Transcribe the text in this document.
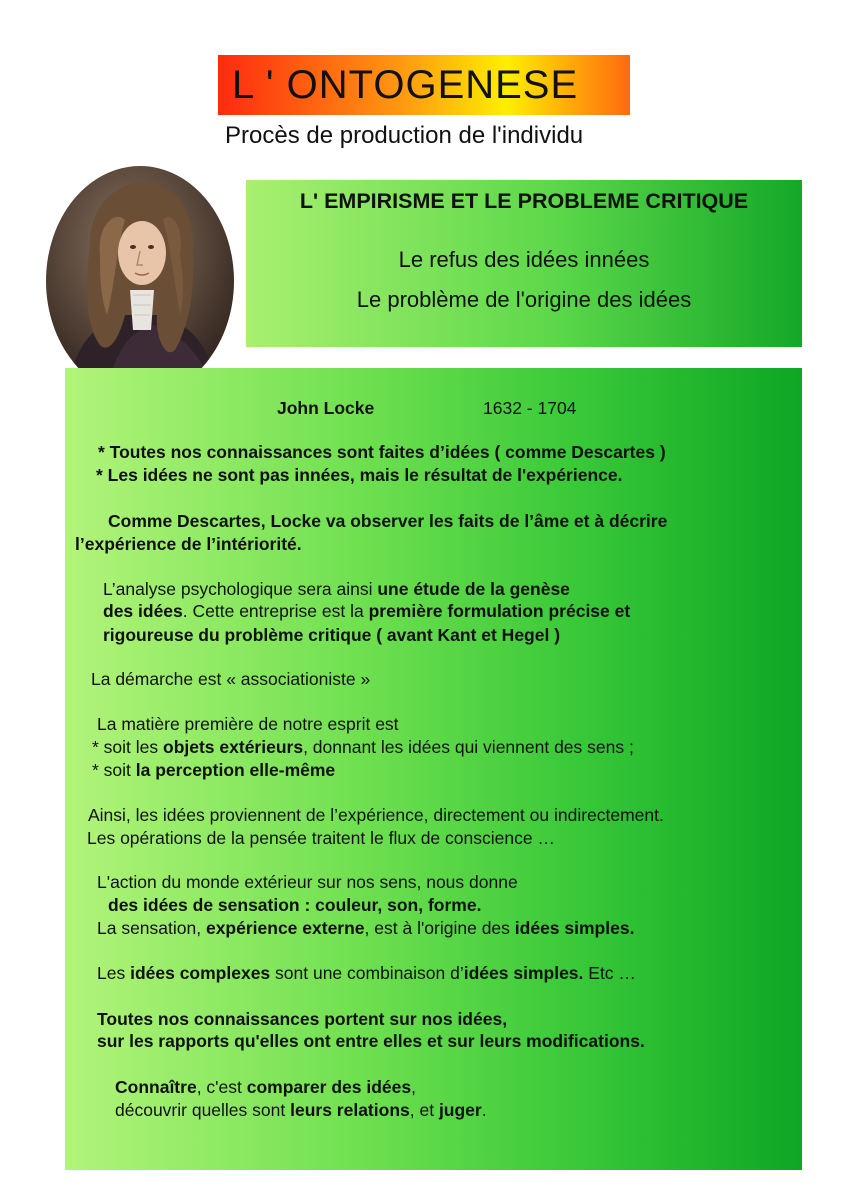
L ' ONTOGENESE
Procès de production de l'individu
L' EMPIRISME ET LE PROBLEME CRITIQUE
Le refus des idées innées
Le problème de l'origine des idées
John Locke	1632 - 1704
* Toutes nos connaissances sont faites d’idées ( comme Descartes )
* Les idées ne sont pas innées, mais le résultat de l'expérience.
Comme Descartes, Locke va observer les faits de l’âme et à décrire
l’expérience de l’intériorité.
L’analyse psychologique sera ainsi une étude de la genèse
des idées. Cette entreprise est la première formulation précise et
rigoureuse du problème critique ( avant Kant et Hegel )
La démarche est « associationiste »
La matière première de notre esprit est
* soit les objets extérieurs, donnant les idées qui viennent des sens ;
* soit la perception elle-même
Ainsi, les idées proviennent de l’expérience, directement ou indirectement.
Les opérations de la pensée traitent le flux de conscience …
L'action du monde extérieur sur nos sens, nous donne
des idées de sensation : couleur, son, forme.
La sensation, expérience externe, est à l'origine des idées simples.
Les idées complexes sont une combinaison d’idées simples. Etc …
Toutes nos connaissances portent sur nos idées,
sur les rapports qu'elles ont entre elles et sur leurs modifications.
Connaître, c'est comparer des idées,
découvrir quelles sont leurs relations, et juger.
